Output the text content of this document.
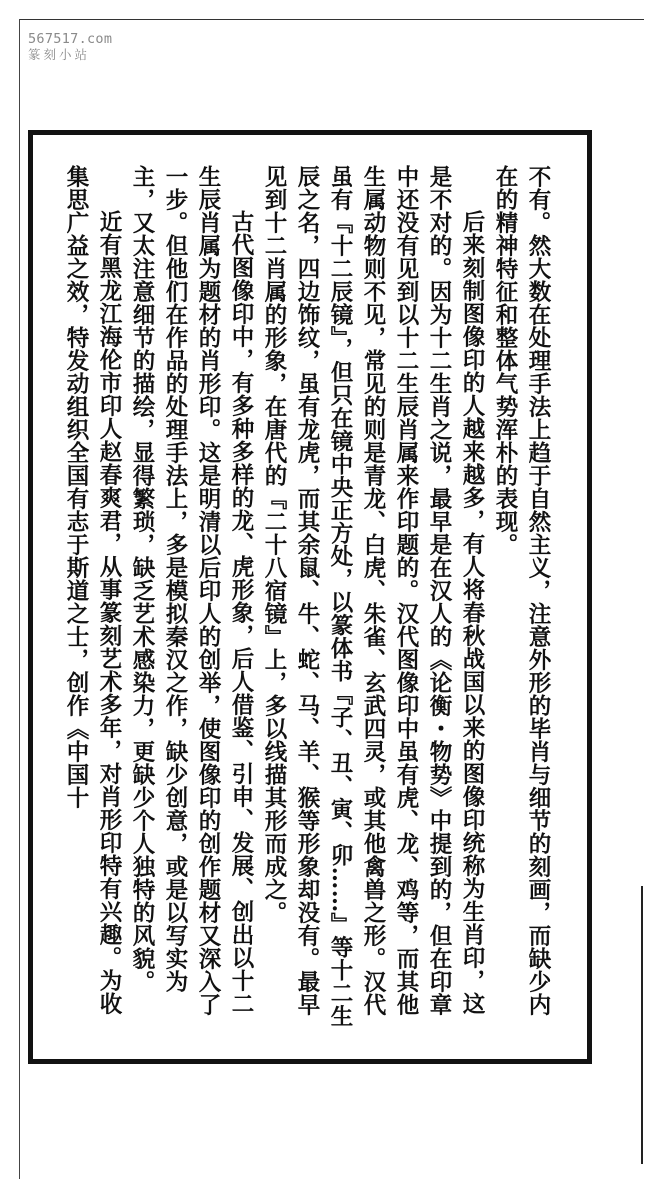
567517.com
篆刻小站

不有。然大数在处理手法上趋于自然主义，注意外形的毕肖与细节的刻画，而缺少内在的精神特征和整体气势浑朴的表现。

后来刻制图像印的人越来越多，有人将春秋战国以来的图像印统称为生肖印，这是不对的。因为十二生肖之说，最早是在汉人的《论衡・物势》中提到的，但在印章中还没有见到以十二生辰肖属来作印题的。汉代图像印中虽有虎、龙、鸡等，而其他生属动物则不见，常见的则是青龙、白虎、朱雀、玄武四灵，或其他禽兽之形。汉代虽有『十二辰镜』，但只在镜中央正方处，以篆体书『子、丑、寅、卯……』等十二生辰之名，四边饰纹，虽有龙虎，而其余鼠、牛、蛇、马、羊、猴等形象却没有。最早见到十二肖属的形象，在唐代的『二十八宿镜』上，多以线描其形而成之。

古代图像印中，有多种多样的龙、虎形象，后人借鉴、引申、发展、创出以十二生辰肖属为题材的肖形印。这是明清以后印人的创举，使图像印的创作题材又深入了一步。但他们在作品的处理手法上，多是模拟秦汉之作，缺少创意，或是以写实为主，又太注意细节的描绘，显得繁琐，缺乏艺术感染力，更缺少个人独特的风貌。

近有黑龙江海伦市印人赵春爽君，从事篆刻艺术多年，对肖形印特有兴趣。为收集思广益之效，特发动组织全国有志于斯道之士，创作《中国十
